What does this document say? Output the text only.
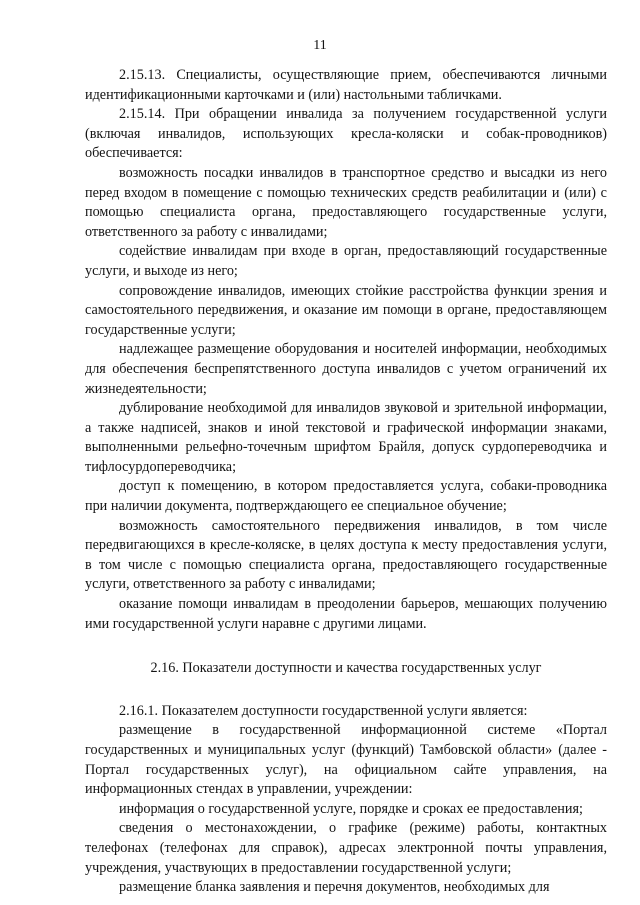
11

2.15.13. Специалисты, осуществляющие прием, обеспечиваются личными идентификационными карточками и (или) настольными табличками.

2.15.14. При обращении инвалида за получением государственной услуги (включая инвалидов, использующих кресла-коляски и собак-проводников) обеспечивается:

возможность посадки инвалидов в транспортное средство и высадки из него перед входом в помещение с помощью технических средств реабилитации и (или) с помощью специалиста органа, предоставляющего государственные услуги, ответственного за работу с инвалидами;

содействие инвалидам при входе в орган, предоставляющий государственные услуги, и выходе из него;

сопровождение инвалидов, имеющих стойкие расстройства функции зрения и самостоятельного передвижения, и оказание им помощи в органе, предоставляющем государственные услуги;

надлежащее размещение оборудования и носителей информации, необходимых для обеспечения беспрепятственного доступа инвалидов с учетом ограничений их жизнедеятельности;

дублирование необходимой для инвалидов звуковой и зрительной информации, а также надписей, знаков и иной текстовой и графической информации знаками, выполненными рельефно-точечным шрифтом Брайля, допуск сурдопереводчика и тифлосурдопереводчика;

доступ к помещению, в котором предоставляется услуга, собаки-проводника при наличии документа, подтверждающего ее специальное обучение;

возможность самостоятельного передвижения инвалидов, в том числе передвигающихся в кресле-коляске, в целях доступа к месту предоставления услуги, в том числе с помощью специалиста органа, предоставляющего государственные услуги, ответственного за работу с инвалидами;

оказание помощи инвалидам в преодолении барьеров, мешающих получению ими государственной услуги наравне с другими лицами.

2.16. Показатели доступности и качества государственных услуг

2.16.1. Показателем доступности государственной услуги является:

размещение в государственной информационной системе «Портал государственных и муниципальных услуг (функций) Тамбовской области» (далее - Портал государственных услуг), на официальном сайте управления, на информационных стендах в управлении, учреждении:

информация о государственной услуге, порядке и сроках ее предоставления;

сведения о местонахождении, о графике (режиме) работы, контактных телефонах (телефонах для справок), адресах электронной почты управления, учреждения, участвующих в предоставлении государственной услуги;

размещение бланка заявления и перечня документов, необходимых для
